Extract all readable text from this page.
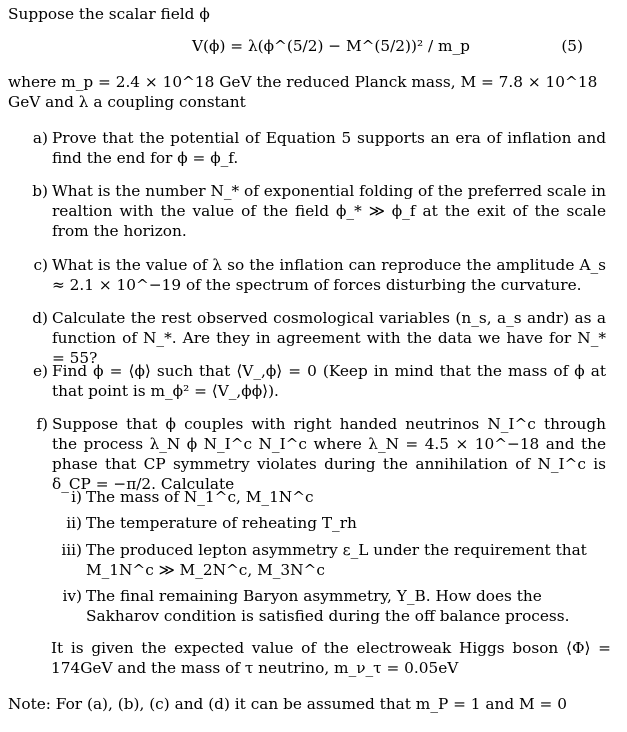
Suppose the scalar field ϕ
V(ϕ) = λ(ϕ^(5/2) − M^(5/2))² / m_p	(5)
where m_p = 2.4 × 10^18 GeV the reduced Planck mass, M = 7.8 × 10^18 GeV and λ a coupling constant
a) Prove that the potential of Equation 5 supports an era of inflation and find the end for ϕ = ϕ_f.
b) What is the number N_* of exponential folding of the preferred scale in realtion with the value of the field ϕ_* ≫ ϕ_f at the exit of the scale from the horizon.
c) What is the value of λ so the inflation can reproduce the amplitude A_s ≈ 2.1 × 10^−19 of the spectrum of forces disturbing the curvature.
d) Calculate the rest observed cosmological variables (n_s, a_s andr) as a function of N_*. Are they in agreement with the data we have for N_* = 55?
e) Find ϕ = ⟨ϕ⟩ such that ⟨V_,ϕ⟩ = 0 (Keep in mind that the mass of ϕ at that point is m_ϕ² = ⟨V_,ϕϕ⟩).
f) Suppose that ϕ couples with right handed neutrinos N_I^c through the process λ_N ϕ N_I^c N_I^c where λ_N = 4.5 × 10^−18 and the phase that CP symmetry violates during the annihilation of N_I^c is δ_CP = −π/2. Calculate
i) The mass of N_1^c, M_1N^c
ii) The temperature of reheating T_rh
iii) The produced lepton asymmetry ε_L under the requirement that M_1N^c ≫ M_2N^c, M_3N^c
iv) The final remaining Baryon asymmetry, Y_B. How does the Sakharov condition is satisfied during the off balance process.
It is given the expected value of the electroweak Higgs boson ⟨Φ⟩ = 174GeV and the mass of τ neutrino, m_ν_τ = 0.05eV
Note: For (a), (b), (c) and (d) it can be assumed that m_P = 1 and M = 0
